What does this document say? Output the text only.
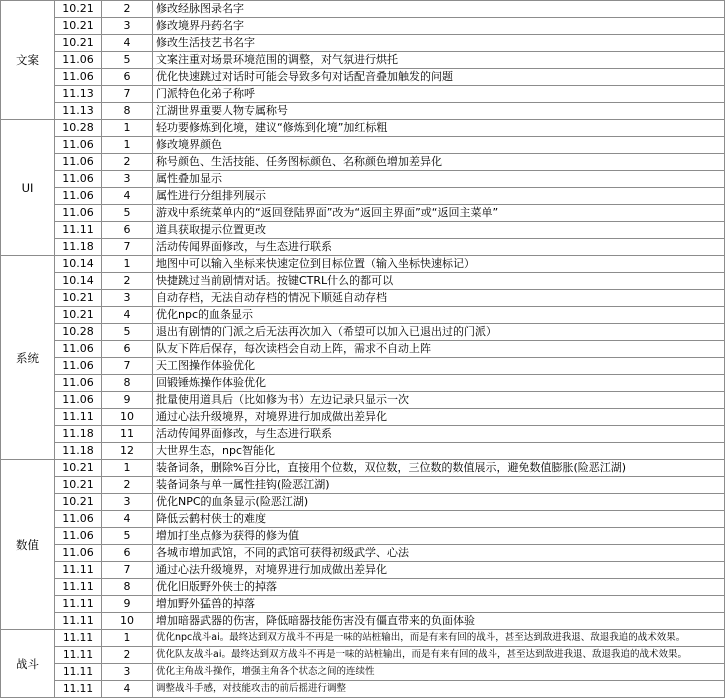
文案	10.21	2	修改经脉图录名字
	10.21	3	修改境界丹药名字
	10.21	4	修改生活技艺书名字
	11.06	5	文案注重对场景环境范围的调整，对气氛进行烘托
	11.06	6	优化快速跳过对话时可能会导致多句对话配音叠加触发的问题
	11.13	7	门派特色化弟子称呼
	11.13	8	江湖世界重要人物专属称号
UI	10.28	1	轻功要修炼到化境，建议“修炼到化境”加红标粗
	11.06	1	修改境界颜色
	11.06	2	称号颜色、生活技能、任务图标颜色、名称颜色增加差异化
	11.06	3	属性叠加显示
	11.06	4	属性进行分组排列展示
	11.06	5	游戏中系统菜单内的“返回登陆界面”改为“返回主界面”或“返回主菜单”
	11.11	6	道具获取提示位置更改
	11.18	7	活动传闻界面修改，与生态进行联系
系统	10.14	1	地图中可以输入坐标来快速定位到目标位置（输入坐标快速标记）
	10.14	2	快捷跳过当前剧情对话。按键CTRL什么的都可以
	10.21	3	自动存档，无法自动存档的情况下顺延自动存档
	10.21	4	优化npc的血条显示
	10.28	5	退出有剧情的门派之后无法再次加入（希望可以加入已退出过的门派）
	11.06	6	队友下阵后保存，每次读档会自动上阵，需求不自动上阵
	11.06	7	天工图操作体验优化
	11.06	8	回锻锤炼操作体验优化
	11.06	9	批量使用道具后（比如修为书）左边记录只显示一次
	11.11	10	通过心法升级境界，对境界进行加成做出差异化
	11.18	11	活动传闻界面修改，与生态进行联系
	11.18	12	大世界生态，npc智能化
数值	10.21	1	装备词条，删除%百分比，直接用个位数，双位数，三位数的数值展示，避免数值膨胀(险恶江湖)
	10.21	2	装备词条与单一属性挂钩(险恶江湖)
	10.21	3	优化NPC的血条显示(险恶江湖)
	11.06	4	降低云鹤村侠士的难度
	11.06	5	增加打坐点修为获得的修为值
	11.06	6	各城市增加武馆，不同的武馆可获得初级武学、心法
	11.11	7	通过心法升级境界，对境界进行加成做出差异化
	11.11	8	优化旧版野外侠士的掉落
	11.11	9	增加野外猛兽的掉落
	11.11	10	增加暗器武器的伤害，降低暗器技能伤害没有僵直带来的负面体验
战斗	11.11	1	优化npc战斗ai。最终达到双方战斗不再是一味的站桩输出，而是有来有回的战斗，甚至达到敌进我退、敌退我追的战术效果。
	11.11	2	优化队友战斗ai。最终达到双方战斗不再是一味的站桩输出，而是有来有回的战斗，甚至达到敌进我退、敌退我追的战术效果。
	11.11	3	优化主角战斗操作，增强主角各个状态之间的连续性
	11.11	4	调整战斗手感，对技能攻击的前后摇进行调整
